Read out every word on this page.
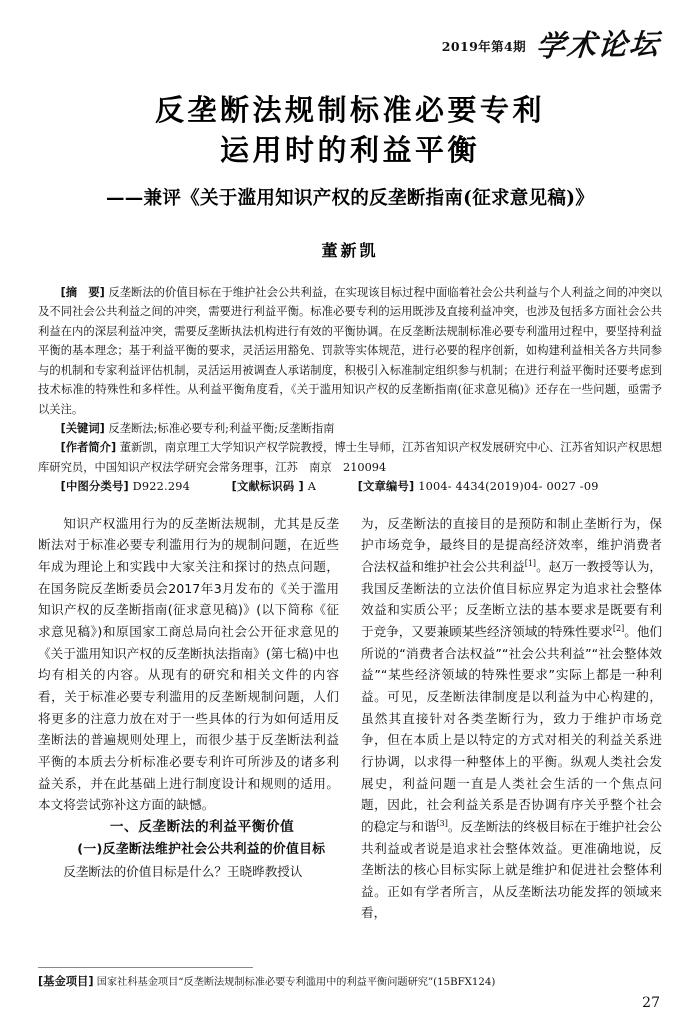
2019年第4期 学术论坛
反垄断法规制标准必要专利
运用时的利益平衡
——兼评《关于滥用知识产权的反垄断指南(征求意见稿)》
董新凯

[摘　要] 反垄断法的价值目标在于维护社会公共利益，在实现该目标过程中面临着社会公共利益与个人利益之间的冲突以及不同社会公共利益之间的冲突，需要进行利益平衡。标准必要专利的运用既涉及直接利益冲突，也涉及包括多方面社会公共利益在内的深层利益冲突，需要反垄断执法机构进行有效的平衡协调。在反垄断法规制标准必要专利滥用过程中，要坚持利益平衡的基本理念；基于利益平衡的要求，灵活运用豁免、罚款等实体规范，进行必要的程序创新，如构建利益相关各方共同参与的机制和专家利益评估机制，灵活运用被调查人承诺制度，积极引入标准制定组织参与机制；在进行利益平衡时还要考虑到技术标准的特殊性和多样性。从利益平衡角度看，《关于滥用知识产权的反垄断指南(征求意见稿)》还存在一些问题，亟需予以关注。

[关键词] 反垄断法;标准必要专利;利益平衡;反垄断指南

[作者简介] 董新凯，南京理工大学知识产权学院教授，博士生导师，江苏省知识产权发展研究中心、江苏省知识产权思想库研究员，中国知识产权法学研究会常务理事，江苏　南京　210094

[中图分类号] D922.294	[文献标识码 ] A	[文章编号] 1004- 4434(2019)04- 0027 -09

知识产权滥用行为的反垄断法规制，尤其是反垄断法对于标准必要专利滥用行为的规制问题，在近些年成为理论上和实践中大家关注和探讨的热点问题，在国务院反垄断委员会2017年3月发布的《关于滥用知识产权的反垄断指南(征求意见稿)》(以下简称《征求意见稿》)和原国家工商总局向社会公开征求意见的《关于滥用知识产权的反垄断执法指南》(第七稿)中也均有相关的内容。从现有的研究和相关文件的内容看，关于标准必要专利滥用的反垄断规制问题，人们将更多的注意力放在对于一些具体的行为如何适用反垄断法的普遍规则处理上，而很少基于反垄断法利益平衡的本质去分析标准必要专利许可所涉及的诸多利益关系，并在此基础上进行制度设计和规则的适用。本文将尝试弥补这方面的缺憾。

一、反垄断法的利益平衡价值

(一)反垄断法维护社会公共利益的价值目标

反垄断法的价值目标是什么？王晓晔教授认

为，反垄断法的直接目的是预防和制止垄断行为，保护市场竞争，最终目的是提高经济效率，维护消费者合法权益和维护社会公共利益[1]。赵万一教授等认为，我国反垄断法的立法价值目标应界定为追求社会整体效益和实质公平；反垄断立法的基本要求是既要有利于竞争，又要兼顾某些经济领域的特殊性要求[2]。他们所说的“消费者合法权益”“社会公共利益”“社会整体效益”“某些经济领域的特殊性要求”实际上都是一种利益。可见，反垄断法律制度是以利益为中心构建的，虽然其直接针对各类垄断行为，致力于维护市场竞争，但在本质上是以特定的方式对相关的利益关系进行协调，以求得一种整体上的平衡。纵观人类社会发展史，利益问题一直是人类社会生活的一个焦点问题，因此，社会利益关系是否协调有序关乎整个社会的稳定与和谐[3]。反垄断法的终极目标在于维护社会公共利益或者说是追求社会整体效益。更准确地说，反垄断法的核心目标实际上就是维护和促进社会整体利益。正如有学者所言，从反垄断法功能发挥的领域来看，

[基金项目] 国家社科基金项目“反垄断法规制标准必要专利滥用中的利益平衡问题研究”(15BFX124)
27
